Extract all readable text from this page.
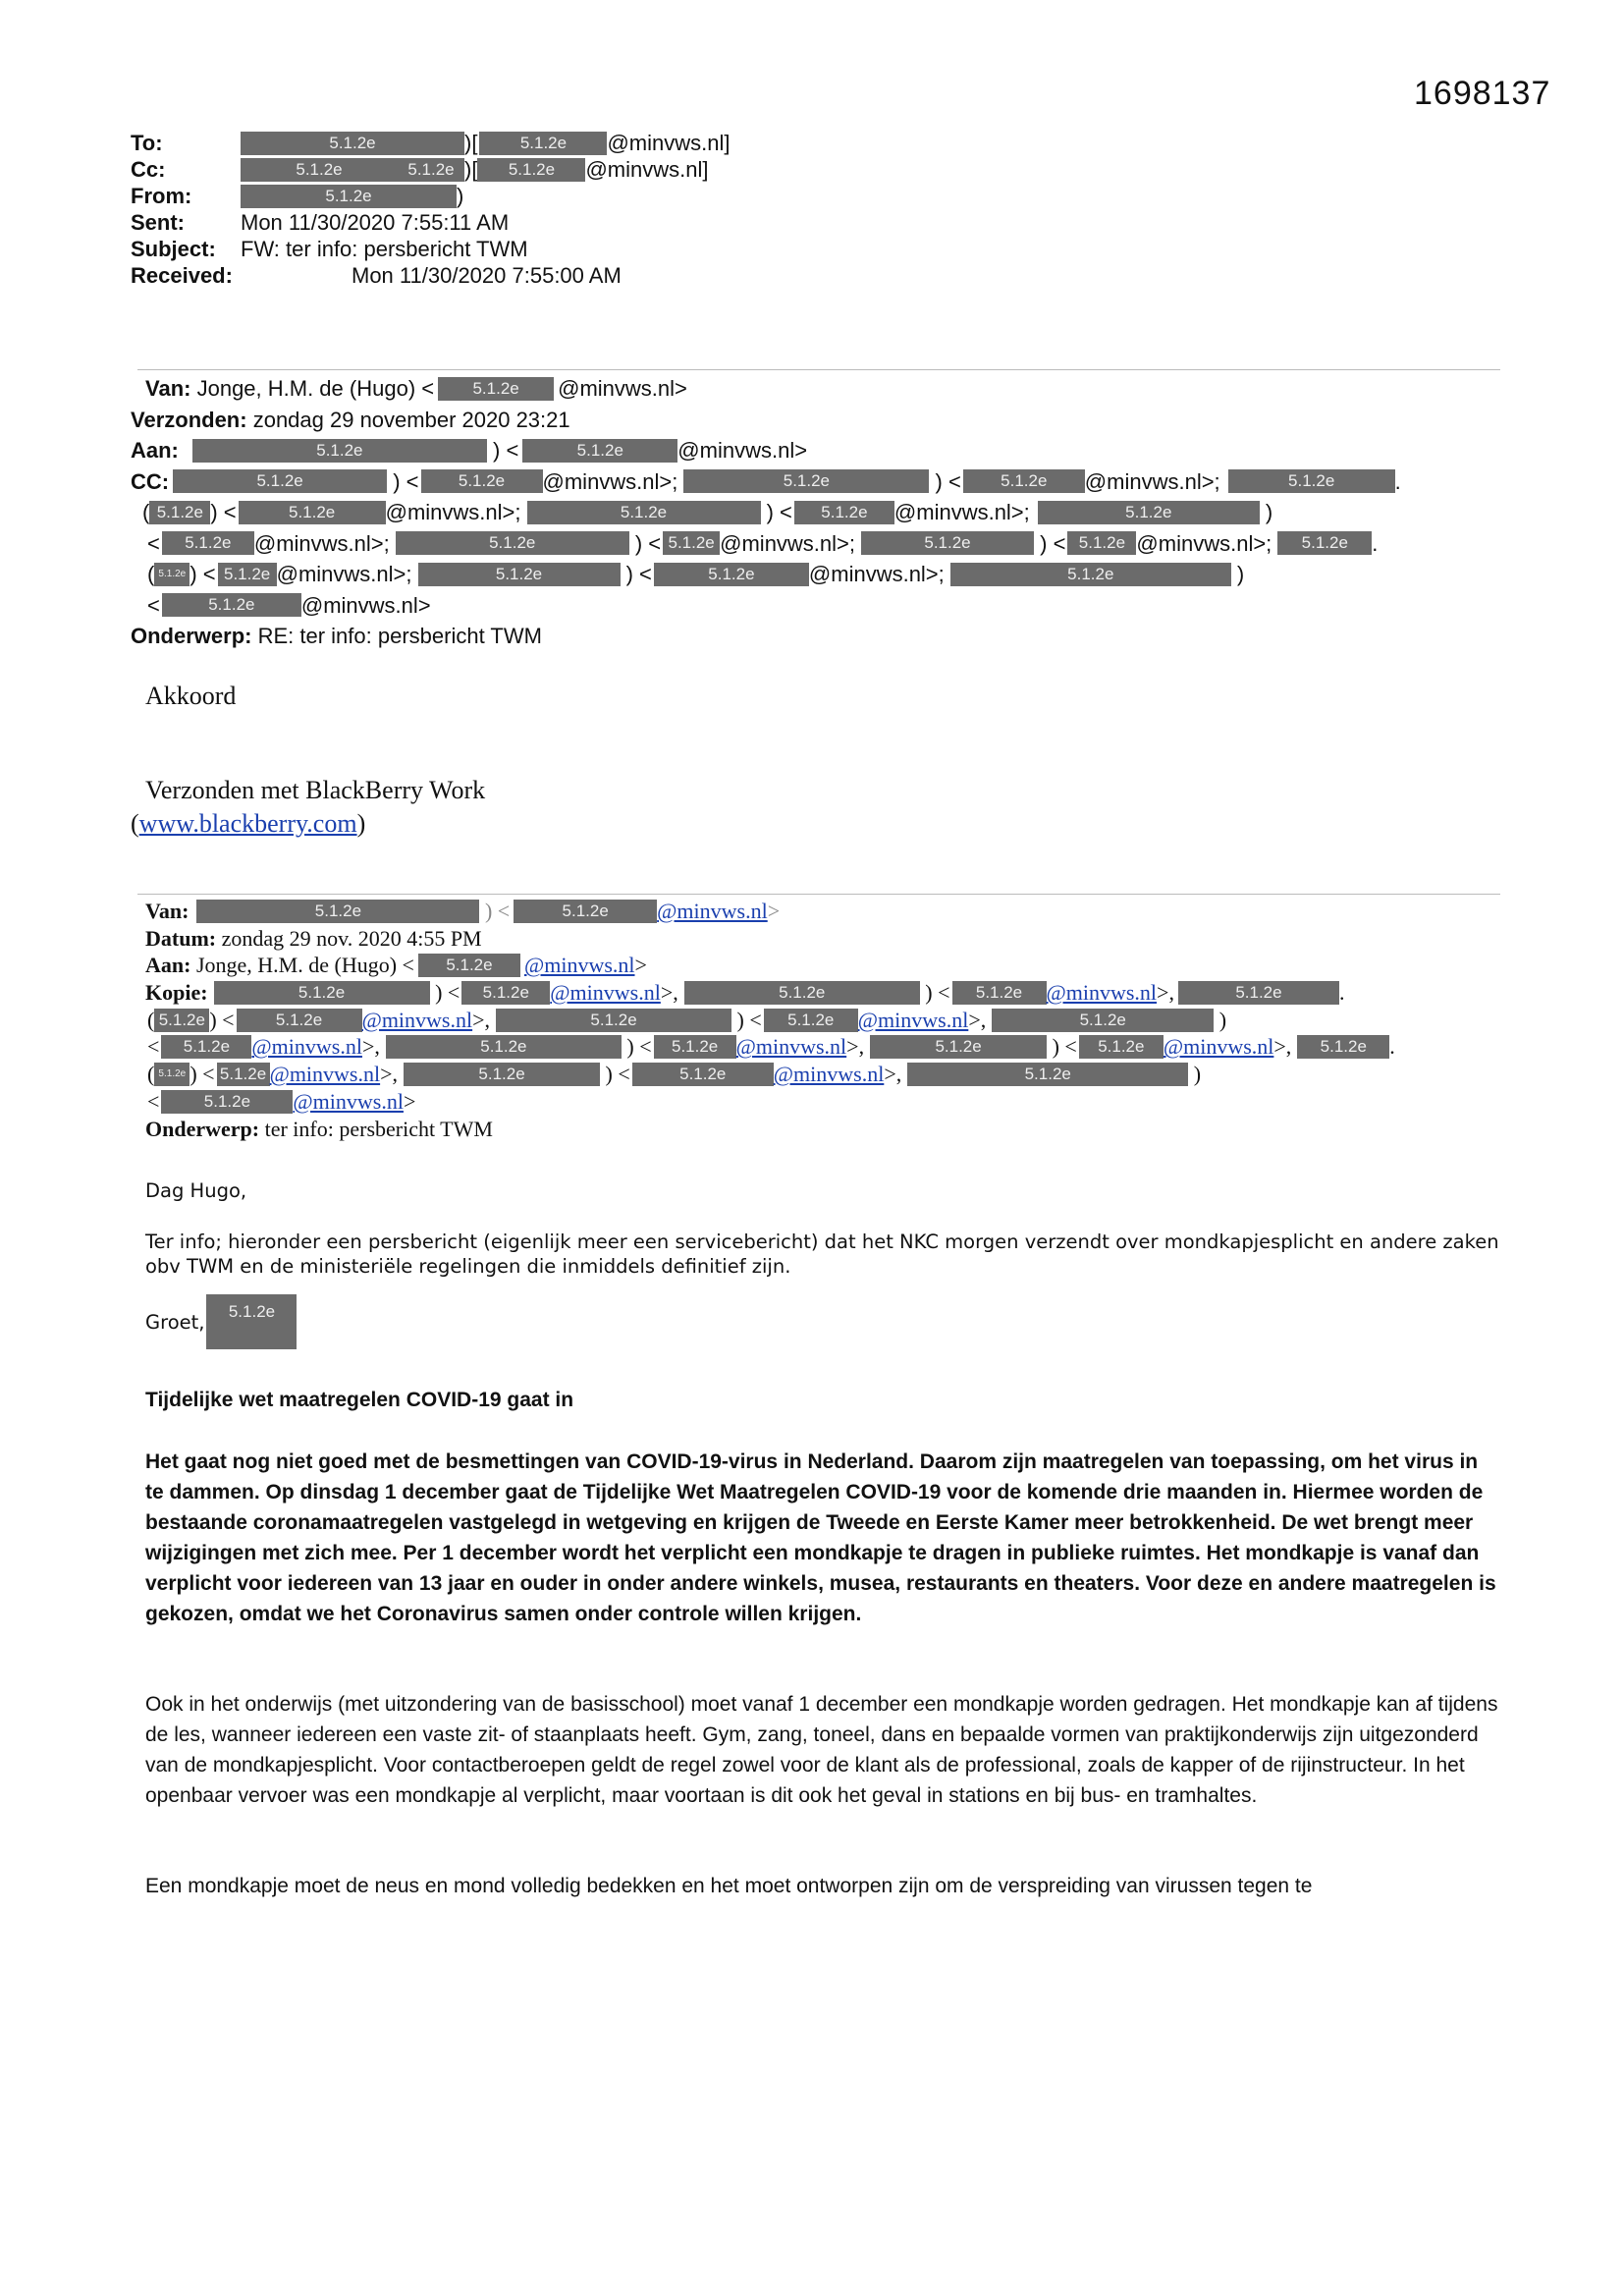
1698137
To:	5.1.2e	)[	5.1.2e	@minvws.nl]
Cc:	5.1.2e	5.1.2e )[	5.1.2e	@minvws.nl]
From:	5.1.2e	)
Sent:	Mon 11/30/2020 7:55:11 AM
Subject:	FW: ter info: persbericht TWM
Received:	Mon 11/30/2020 7:55:00 AM
Van:
Jonge, H.M. de (Hugo) <	5.1.2e	@minvws.nl>
Verzonden:
zondag 29 november 2020 23:21
Aan:	5.1.2e	) <	5.1.2e	@minvws.nl>
CC:	5.1.2e	) <	5.1.2e	@minvws.nl>;	5.1.2e	) <	5.1.2e	@minvws.nl>;	5.1.2e	.
( 5.1.2e ) <	5.1.2e	@minvws.nl>;	5.1.2e	) <	5.1.2e	@minvws.nl>;	5.1.2e	)
<	5.1.2e	@minvws.nl>;	5.1.2e	) < 5.1.2e @minvws.nl>;	5.1.2e	) < 5.1.2e @minvws.nl>;	5.1.2e	.
( 5.1.2e ) < 5.1.2e @minvws.nl>;	5.1.2e	) <	5.1.2e	@minvws.nl>;	5.1.2e	)
<	5.1.2e	@minvws.nl>
Onderwerp:
RE: ter info: persbericht TWM
Akkoord
Verzonden met BlackBerry Work
(www.blackberry.com)
Van:	5.1.2e	) <	5.1.2e	@minvws.nl >
Datum:
zondag 29 nov. 2020 4:55 PM
Aan:
Jonge, H.M. de (Hugo) <	5.1.2e	@minvws.nl >
Kopie:	5.1.2e	) <	5.1.2e @minvws.nl >,	5.1.2e	) <	5.1.2e	@minvws.nl >,	5.1.2e	.
( 5.1.2e ) <	5.1.2e	@minvws.nl >,	5.1.2e	) <	5.1.2e	@minvws.nl >,	5.1.2e	)
<	5.1.2e	@minvws.nl >,	5.1.2e	) <	5.1.2e @minvws.nl >,	5.1.2e	) <	5.1.2e @minvws.nl >,	5.1.2e	.
( 5.1.2e ) < 5.1.2e @minvws.nl >,	5.1.2e	) <	5.1.2e	@minvws.nl >,	5.1.2e	)
<	5.1.2e	@minvws.nl >
Onderwerp:
ter info: persbericht TWM
Dag Hugo,
Ter info; hieronder een persbericht (eigenlijk meer een servicebericht) dat het NKC morgen verzendt over mondkapjesplicht en andere zaken obv TWM en de ministeriële regelingen die inmiddels definitief zijn.
Groet,	5.1.2e
Tijdelijke wet maatregelen COVID-19 gaat in
Het gaat nog niet goed met de besmettingen van COVID-19-virus in Nederland. Daarom zijn maatregelen van toepassing, om het virus in te dammen. Op dinsdag 1 december gaat de Tijdelijke Wet Maatregelen COVID-19 voor de komende drie maanden in. Hiermee worden de bestaande coronamaatregelen vastgelegd in wetgeving en krijgen de Tweede en Eerste Kamer meer betrokkenheid. De wet brengt meer wijzigingen met zich mee. Per 1 december wordt het verplicht een mondkapje te dragen in publieke ruimtes. Het mondkapje is vanaf dan verplicht voor iedereen van 13 jaar en ouder in onder andere winkels, musea, restaurants en theaters. Voor deze en andere maatregelen is gekozen, omdat we het Coronavirus samen onder controle willen krijgen.
Ook in het onderwijs (met uitzondering van de basisschool) moet vanaf 1 december een mondkapje worden gedragen. Het mondkapje kan af tijdens de les, wanneer iedereen een vaste zit- of staanplaats heeft. Gym, zang, toneel, dans en bepaalde vormen van praktijkonderwijs zijn uitgezonderd van de mondkapjesplicht. Voor contactberoepen geldt de regel zowel voor de klant als de professional, zoals de kapper of de rijinstructeur. In het openbaar vervoer was een mondkapje al verplicht, maar voortaan is dit ook het geval in stations en bij bus- en tramhaltes.
Een mondkapje moet de neus en mond volledig bedekken en het moet ontworpen zijn om de verspreiding van virussen tegen te
